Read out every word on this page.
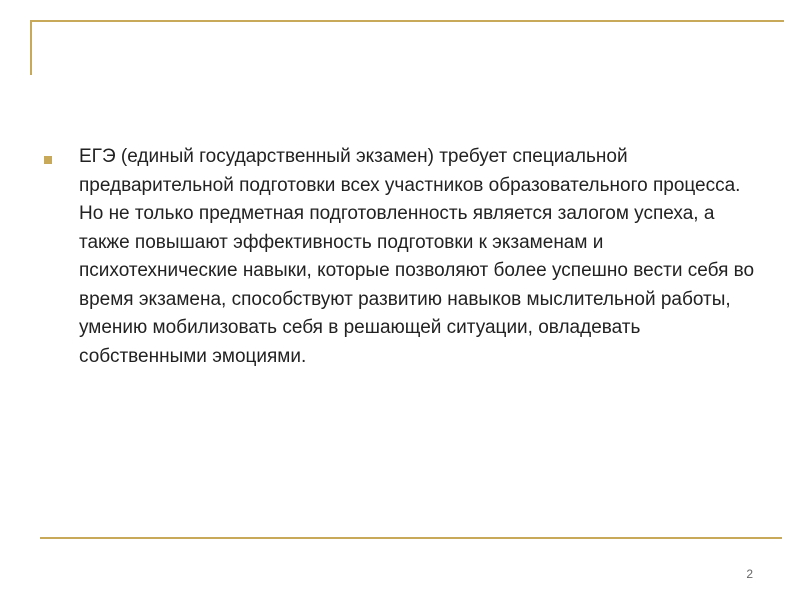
ЕГЭ (единый государственный экзамен) требует специальной предварительной подготовки всех участников образовательного процесса. Но не только предметная подготовленность является залогом успеха, а также повышают эффективность подготовки к экзаменам и психотехнические навыки, которые позволяют более успешно вести себя во время экзамена, способствуют развитию навыков мыслительной работы, умению мобилизовать себя в решающей ситуации, овладевать собственными эмоциями.
2
